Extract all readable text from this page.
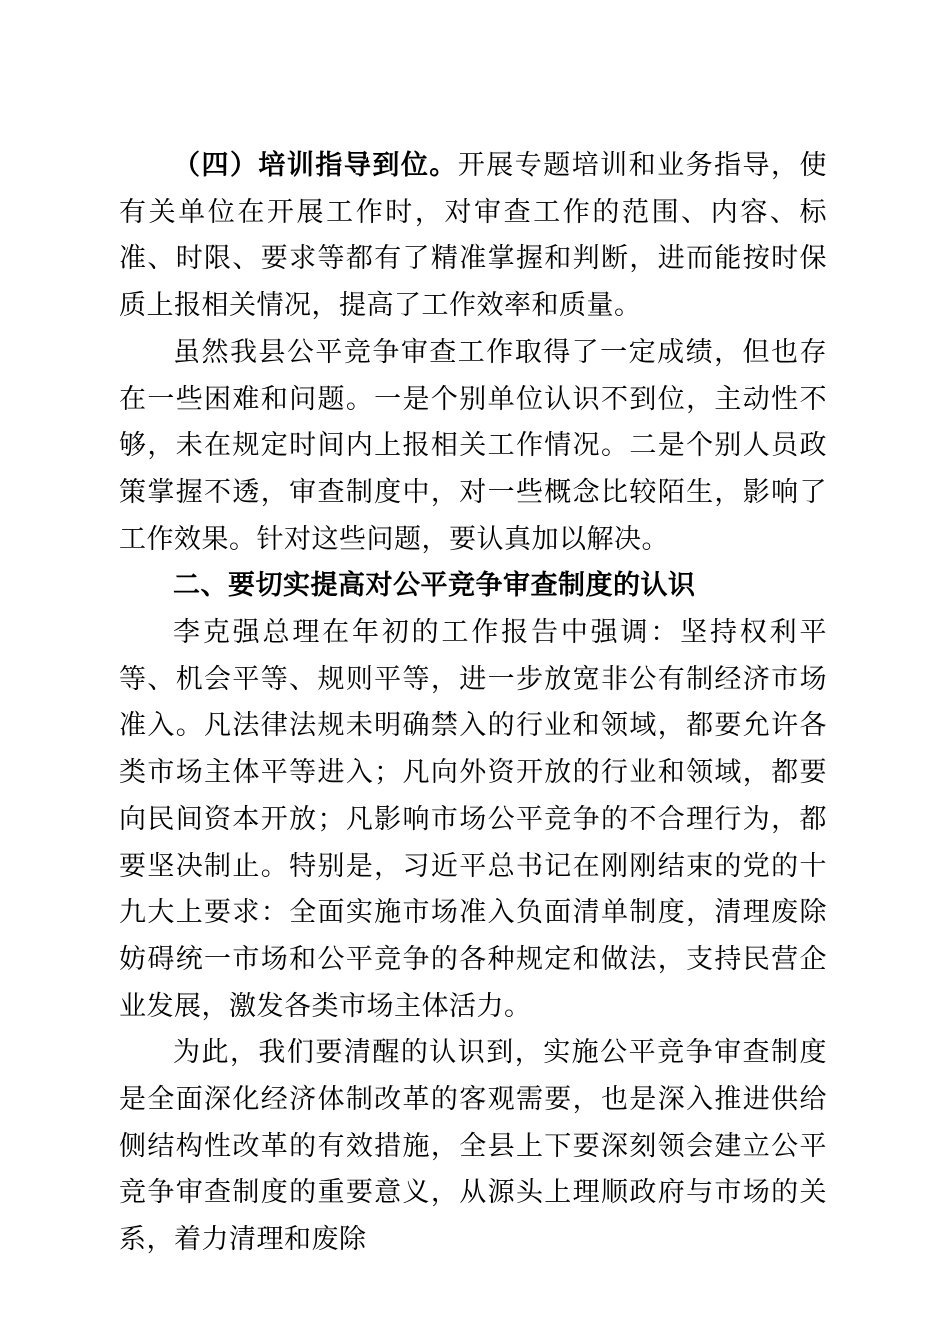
（四）培训指导到位。开展专题培训和业务指导，使有关单位在开展工作时，对审查工作的范围、内容、标准、时限、要求等都有了精准掌握和判断，进而能按时保质上报相关情况，提高了工作效率和质量。

虽然我县公平竞争审查工作取得了一定成绩，但也存在一些困难和问题。一是个别单位认识不到位，主动性不够，未在规定时间内上报相关工作情况。二是个别人员政策掌握不透，审查制度中，对一些概念比较陌生，影响了工作效果。针对这些问题，要认真加以解决。

二、要切实提高对公平竞争审查制度的认识

李克强总理在年初的工作报告中强调：坚持权利平等、机会平等、规则平等，进一步放宽非公有制经济市场准入。凡法律法规未明确禁入的行业和领域，都要允许各类市场主体平等进入；凡向外资开放的行业和领域，都要向民间资本开放；凡影响市场公平竞争的不合理行为，都要坚决制止。特别是，习近平总书记在刚刚结束的党的十九大上要求：全面实施市场准入负面清单制度，清理废除妨碍统一市场和公平竞争的各种规定和做法，支持民营企业发展，激发各类市场主体活力。

为此，我们要清醒的认识到，实施公平竞争审查制度是全面深化经济体制改革的客观需要，也是深入推进供给侧结构性改革的有效措施，全县上下要深刻领会建立公平竞争审查制度的重要意义，从源头上理顺政府与市场的关系，着力清理和废除
